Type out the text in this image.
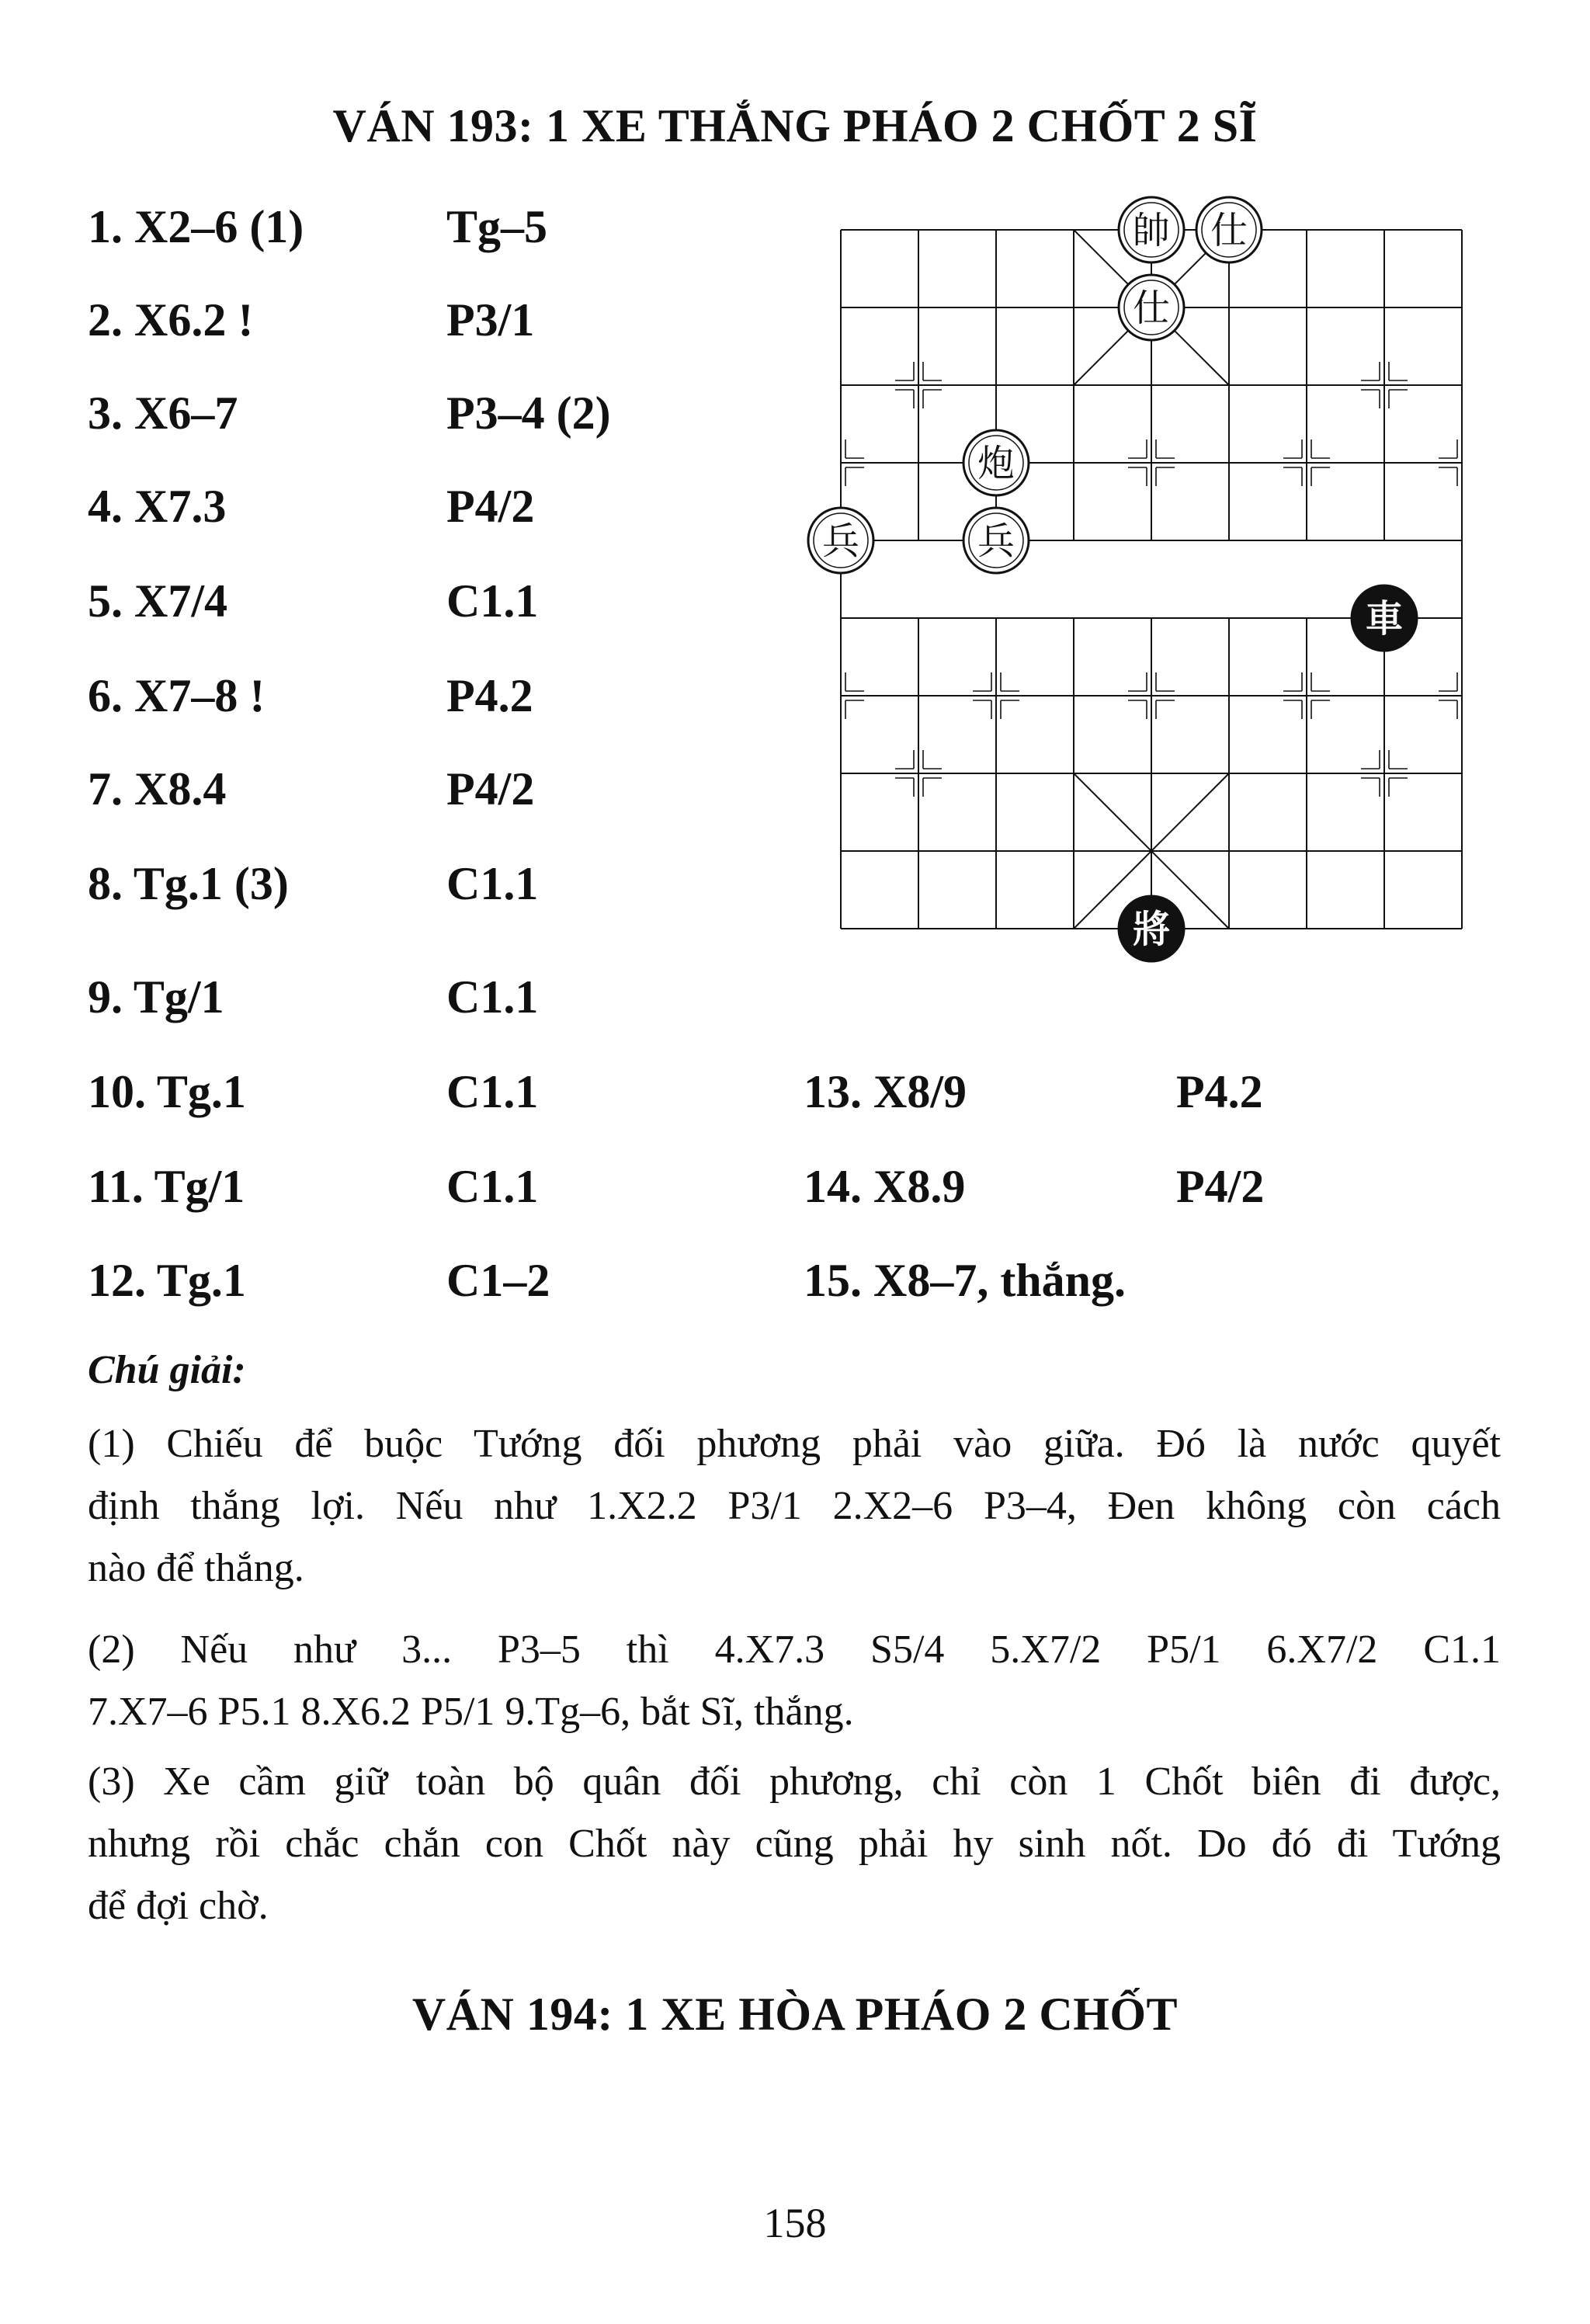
VÁN 193: 1 XE THẮNG PHÁO 2 CHỐT 2 SĨ
1. X2–6 (1)	Tg–5
2. X6.2 !	P3/1
3. X6–7	P3–4 (2)
4. X7.3	P4/2
5. X7/4	C1.1
6. X7–8 !	P4.2
7. X8.4	P4/2
8. Tg.1 (3)	C1.1
9. Tg/1	C1.1
10. Tg.1	C1.1
11. Tg/1	C1.1
12. Tg.1	C1–2
13. X8/9	P4.2
14. X8.9	P4/2
15. X8–7, thắng.
帥 仕
仕
炮
兵	兵
車
將
Chú giải:
(1) Chiếu để buộc Tướng đối phương phải vào giữa. Đó là nước quyết
định thắng lợi. Nếu như 1.X2.2 P3/1 2.X2–6 P3–4, Đen không còn cách
nào để thắng.
(2) Nếu như 3... P3–5 thì 4.X7.3 S5/4 5.X7/2 P5/1 6.X7/2 C1.1
7.X7–6 P5.1 8.X6.2 P5/1 9.Tg–6, bắt Sĩ, thắng.
(3) Xe cầm giữ toàn bộ quân đối phương, chỉ còn 1 Chốt biên đi được,
nhưng rồi chắc chắn con Chốt này cũng phải hy sinh nốt. Do đó đi Tướng
để đợi chờ.
VÁN 194: 1 XE HÒA PHÁO 2 CHỐT
158
